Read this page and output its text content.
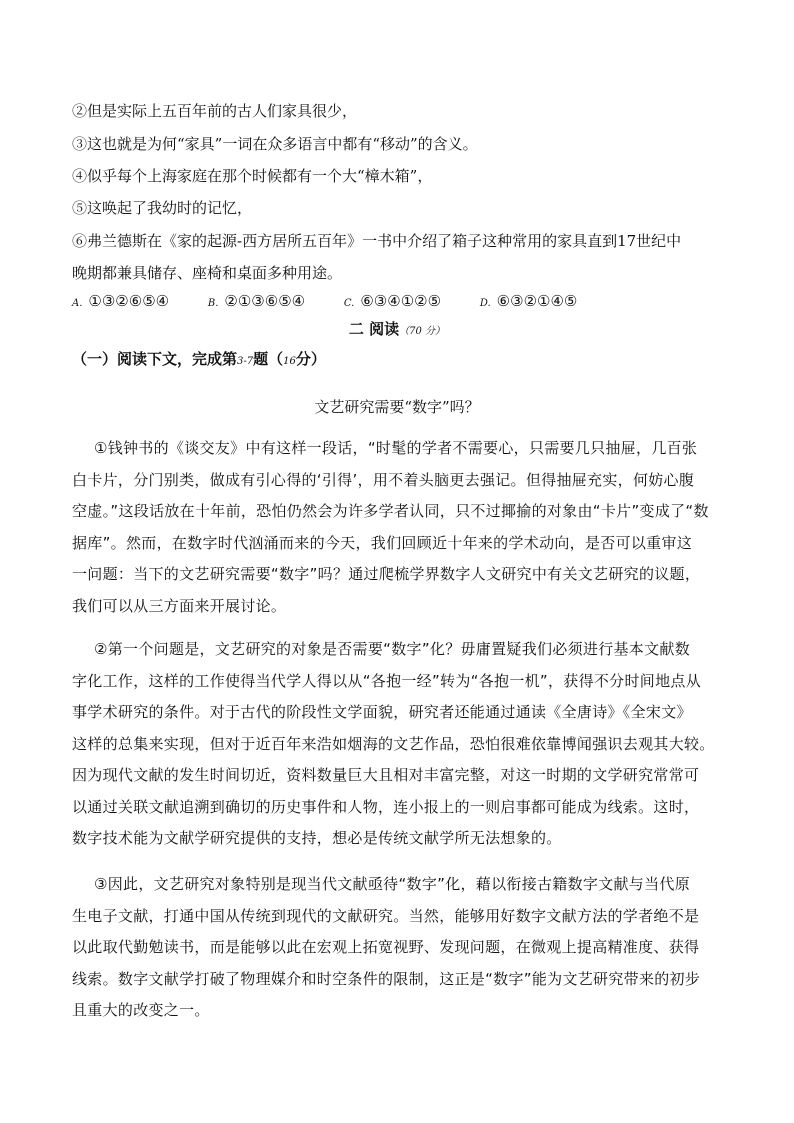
②但是实际上五百年前的古人们家具很少，
③这也就是为何“家具”一词在众多语言中都有“移动”的含义。
④似乎每个上海家庭在那个时候都有一个大“樟木箱”，
⑤这唤起了我幼时的记忆，
⑥弗兰德斯在《家的起源-西方居所五百年》一书中介绍了箱子这种常用的家具直到17世纪中
晚期都兼具储存、座椅和桌面多种用途。
A. ①③②⑥⑤④	B. ②①③⑥⑤④	C. ⑥③④①②⑤	D. ⑥③②①④⑤
二 阅读（70 分）
（一）阅读下文，完成第3-7题（16分）
文艺研究需要“数字”吗？
①钱钟书的《谈交友》中有这样一段话，“时髦的学者不需要心，只需要几只抽屉，几百张
白卡片，分门别类，做成有引心得的‘引得’，用不着头脑更去强记。但得抽屉充实，何妨心腹
空虚。”这段话放在十年前，恐怕仍然会为许多学者认同，只不过揶揄的对象由“卡片”变成了“数
据库”。然而，在数字时代汹涌而来的今天，我们回顾近十年来的学术动向，是否可以重审这
一问题：当下的文艺研究需要“数字”吗？通过爬梳学界数字人文研究中有关文艺研究的议题，
我们可以从三方面来开展讨论。
②第一个问题是，文艺研究的对象是否需要“数字”化？毋庸置疑我们必须进行基本文献数
字化工作，这样的工作使得当代学人得以从“各抱一经”转为“各抱一机”，获得不分时间地点从
事学术研究的条件。对于古代的阶段性文学面貌，研究者还能通过通读《全唐诗》《全宋文》
这样的总集来实现，但对于近百年来浩如烟海的文艺作品，恐怕很难依靠博闻强识去观其大较。
因为现代文献的发生时间切近，资料数量巨大且相对丰富完整，对这一时期的文学研究常常可
以通过关联文献追溯到确切的历史事件和人物，连小报上的一则启事都可能成为线索。这时，
数字技术能为文献学研究提供的支持，想必是传统文献学所无法想象的。
③因此，文艺研究对象特别是现当代文献亟待“数字”化，藉以衔接古籍数字文献与当代原
生电子文献，打通中国从传统到现代的文献研究。当然，能够用好数字文献方法的学者绝不是
以此取代勤勉读书，而是能够以此在宏观上拓宽视野、发现问题，在微观上提高精准度、获得
线索。数字文献学打破了物理媒介和时空条件的限制，这正是“数字”能为文艺研究带来的初步
且重大的改变之一。
